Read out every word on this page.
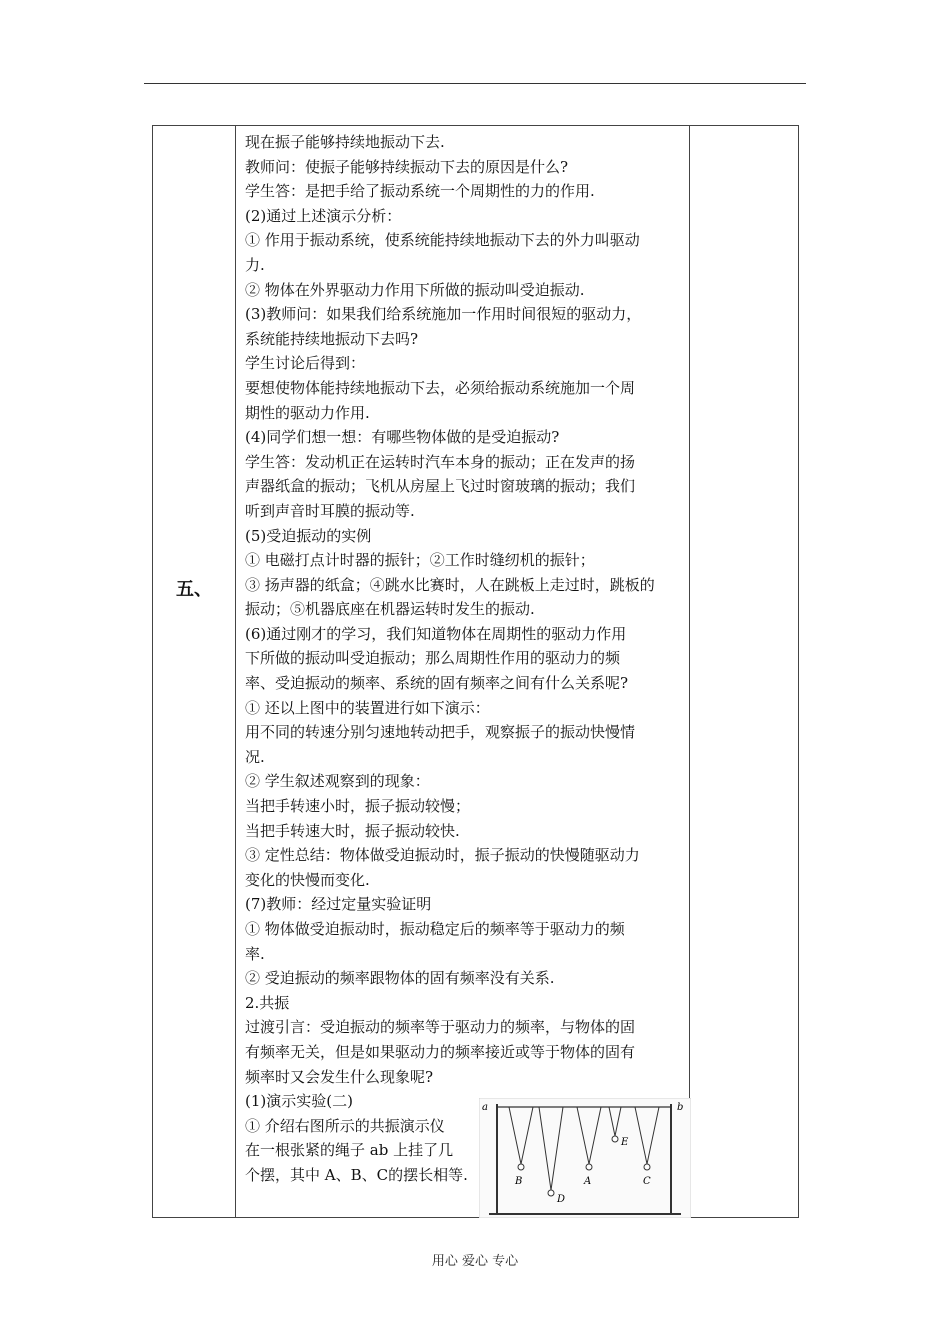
五、
现在振子能够持续地振动下去.
教师问：使振子能够持续振动下去的原因是什么?
学生答：是把手给了振动系统一个周期性的力的作用.
(2)通过上述演示分析：
① 作用于振动系统，使系统能持续地振动下去的外力叫驱动
力.
② 物体在外界驱动力作用下所做的振动叫受迫振动.
(3)教师问：如果我们给系统施加一作用时间很短的驱动力，
系统能持续地振动下去吗?
学生讨论后得到：
要想使物体能持续地振动下去，必须给振动系统施加一个周
期性的驱动力作用.
(4)同学们想一想：有哪些物体做的是受迫振动?
学生答：发动机正在运转时汽车本身的振动；正在发声的扬
声器纸盒的振动；飞机从房屋上飞过时窗玻璃的振动；我们
听到声音时耳膜的振动等.
(5)受迫振动的实例
① 电磁打点计时器的振针；②工作时缝纫机的振针；
③ 扬声器的纸盒；④跳水比赛时，人在跳板上走过时，跳板的
振动；⑤机器底座在机器运转时发生的振动.
(6)通过刚才的学习，我们知道物体在周期性的驱动力作用
下所做的振动叫受迫振动；那么周期性作用的驱动力的频
率、受迫振动的频率、系统的固有频率之间有什么关系呢?
① 还以上图中的装置进行如下演示：
用不同的转速分别匀速地转动把手，观察振子的振动快慢情
况.
② 学生叙述观察到的现象：
当把手转速小时，振子振动较慢；
当把手转速大时，振子振动较快.
③ 定性总结：物体做受迫振动时，振子振动的快慢随驱动力
变化的快慢而变化.
(7)教师：经过定量实验证明
① 物体做受迫振动时，振动稳定后的频率等于驱动力的频
率.
② 受迫振动的频率跟物体的固有频率没有关系.
2.共振
过渡引言：受迫振动的频率等于驱动力的频率，与物体的固
有频率无关，但是如果驱动力的频率接近或等于物体的固有
频率时又会发生什么现象呢?
(1)演示实验(二)
① 介绍右图所示的共振演示仪
在一根张紧的绳子 ab 上挂了几
个摆，其中 A、B、C的摆长相等.
a	b
B
D
A
E
C
用心 爱心 专心
